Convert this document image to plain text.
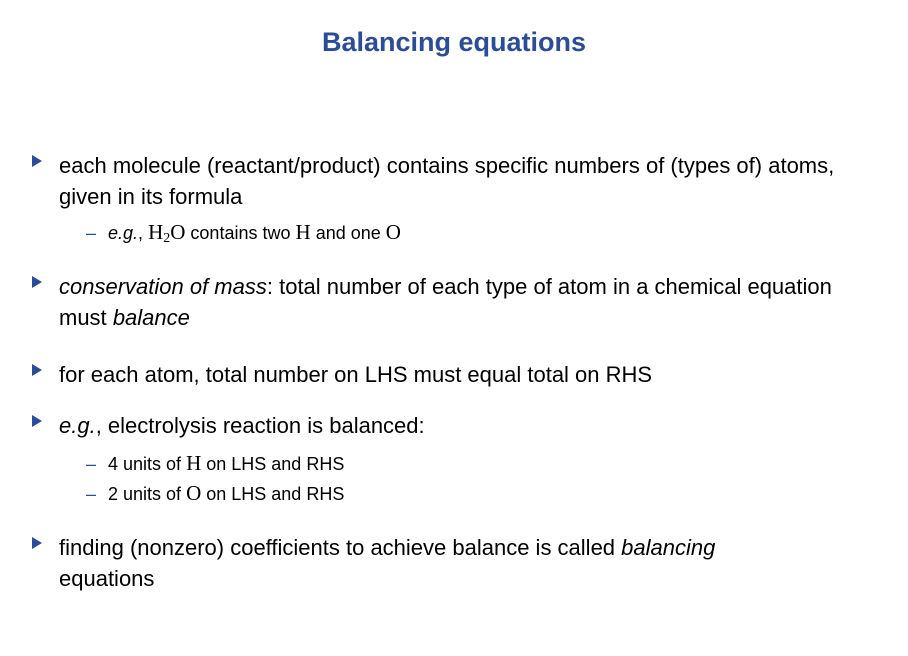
Balancing equations
each molecule (reactant/product) contains specific numbers of (types of) atoms, given in its formula
– e.g., $H_2O$ contains two H and one O
conservation of mass: total number of each type of atom in a chemical equation must balance
for each atom, total number on LHS must equal total on RHS
e.g., electrolysis reaction is balanced:
– 4 units of H on LHS and RHS
– 2 units of O on LHS and RHS
finding (nonzero) coefficients to achieve balance is called balancing
equations
